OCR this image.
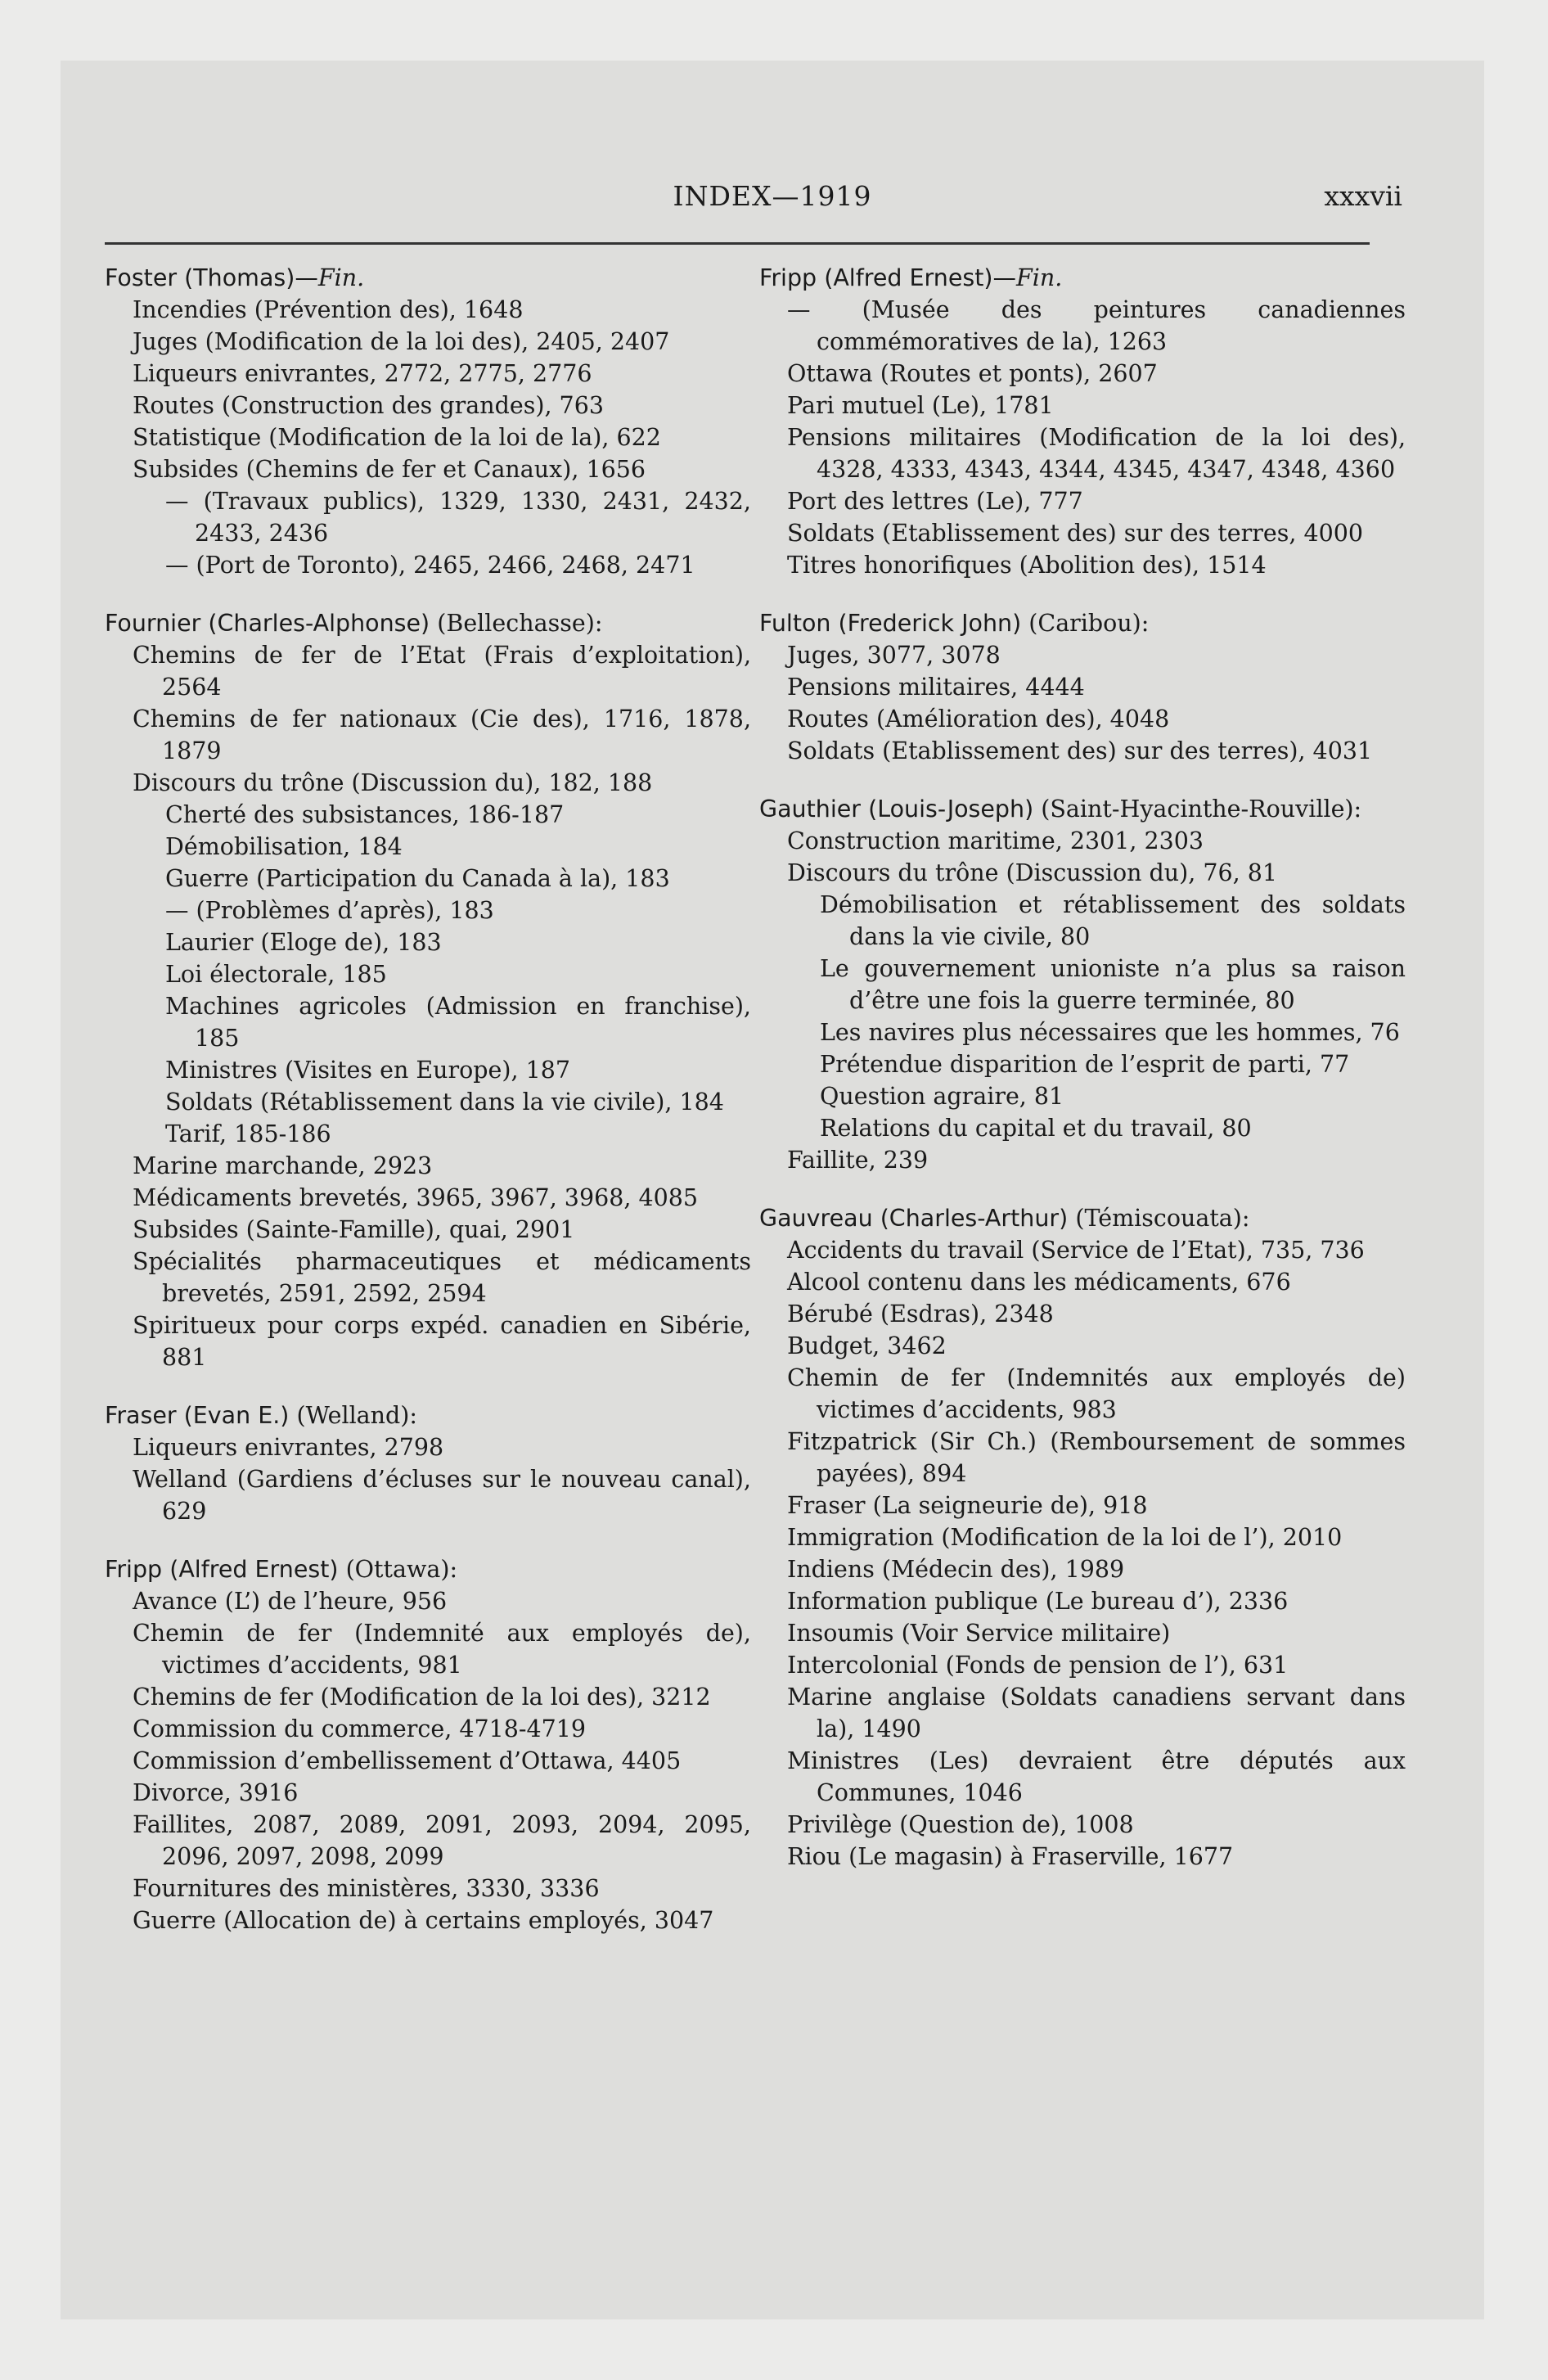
INDEX—1919	xxxvii
Foster (Thomas)—Fin.
Incendies (Prévention des), 1648
Juges (Modification de la loi des), 2405, 2407
Liqueurs enivrantes, 2772, 2775, 2776
Routes (Construction des grandes), 763
Statistique (Modification de la loi de la), 622
Subsides (Chemins de fer et Canaux), 1656
— (Travaux publics), 1329, 1330, 2431, 2432, 2433, 2436
— (Port de Toronto), 2465, 2466, 2468, 2471
Fournier (Charles-Alphonse) (Bellechasse):
Chemins de fer de l’Etat (Frais d’exploitation), 2564
Chemins de fer nationaux (Cie des), 1716, 1878, 1879
Discours du trône (Discussion du), 182, 188
Cherté des subsistances, 186-187
Démobilisation, 184
Guerre (Participation du Canada à la), 183
— (Problèmes d’après), 183
Laurier (Eloge de), 183
Loi électorale, 185
Machines agricoles (Admission en franchise), 185
Ministres (Visites en Europe), 187
Soldats (Rétablissement dans la vie civile), 184
Tarif, 185-186
Marine marchande, 2923
Médicaments brevetés, 3965, 3967, 3968, 4085
Subsides (Sainte-Famille), quai, 2901
Spécialités pharmaceutiques et médicaments brevetés, 2591, 2592, 2594
Spiritueux pour corps expéd. canadien en Sibérie, 881
Fraser (Evan E.) (Welland):
Liqueurs enivrantes, 2798
Welland (Gardiens d’écluses sur le nouveau canal), 629
Fripp (Alfred Ernest) (Ottawa):
Avance (L’) de l’heure, 956
Chemin de fer (Indemnité aux employés de), victimes d’accidents, 981
Chemins de fer (Modification de la loi des), 3212
Commission du commerce, 4718-4719
Commission d’embellissement d’Ottawa, 4405
Divorce, 3916
Faillites, 2087, 2089, 2091, 2093, 2094, 2095, 2096, 2097, 2098, 2099
Fournitures des ministères, 3330, 3336
Guerre (Allocation de) à certains employés, 3047
Fripp (Alfred Ernest)—Fin.
— (Musée des peintures canadiennes commémoratives de la), 1263
Ottawa (Routes et ponts), 2607
Pari mutuel (Le), 1781
Pensions militaires (Modification de la loi des), 4328, 4333, 4343, 4344, 4345, 4347, 4348, 4360
Port des lettres (Le), 777
Soldats (Etablissement des) sur des terres, 4000
Titres honorifiques (Abolition des), 1514
Fulton (Frederick John) (Caribou):
Juges, 3077, 3078
Pensions militaires, 4444
Routes (Amélioration des), 4048
Soldats (Etablissement des) sur des terres), 4031
Gauthier (Louis-Joseph) (Saint-Hyacinthe-Rouville):
Construction maritime, 2301, 2303
Discours du trône (Discussion du), 76, 81
Démobilisation et rétablissement des soldats dans la vie civile, 80
Le gouvernement unioniste n’a plus sa raison d’être une fois la guerre terminée, 80
Les navires plus nécessaires que les hommes, 76
Prétendue disparition de l’esprit de parti, 77
Question agraire, 81
Relations du capital et du travail, 80
Faillite, 239
Gauvreau (Charles-Arthur) (Témiscouata):
Accidents du travail (Service de l’Etat), 735, 736
Alcool contenu dans les médicaments, 676
Bérubé (Esdras), 2348
Budget, 3462
Chemin de fer (Indemnités aux employés de) victimes d’accidents, 983
Fitzpatrick (Sir Ch.) (Remboursement de sommes payées), 894
Fraser (La seigneurie de), 918
Immigration (Modification de la loi de l’), 2010
Indiens (Médecin des), 1989
Information publique (Le bureau d’), 2336
Insoumis (Voir Service militaire)
Intercolonial (Fonds de pension de l’), 631
Marine anglaise (Soldats canadiens servant dans la), 1490
Ministres (Les) devraient être députés aux Communes, 1046
Privilège (Question de), 1008
Riou (Le magasin) à Fraserville, 1677
